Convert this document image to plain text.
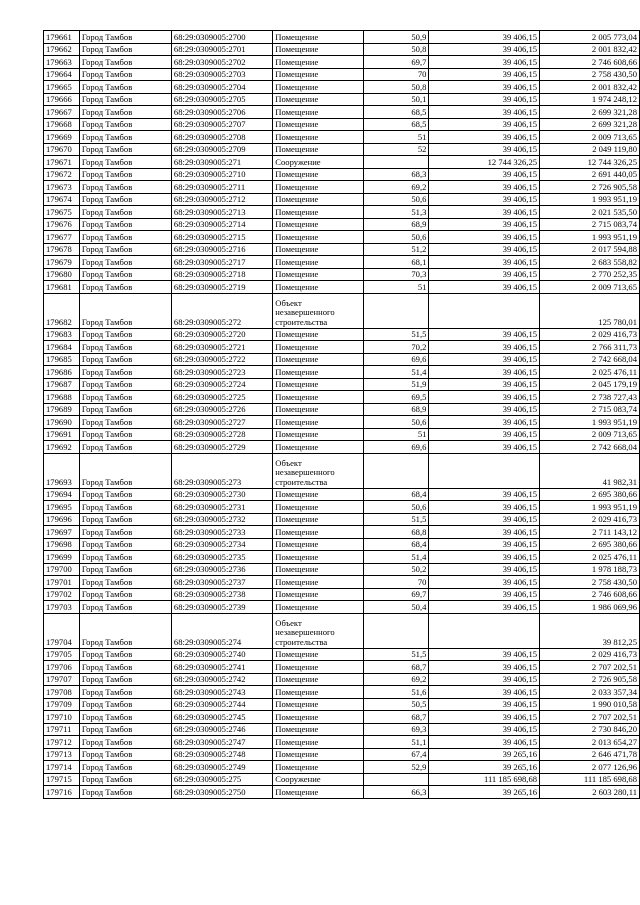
179661	Город Тамбов	68:29:0309005:2700	Помещение	50,9	39 406,15	2 005 773,04
179662	Город Тамбов	68:29:0309005:2701	Помещение	50,8	39 406,15	2 001 832,42
179663	Город Тамбов	68:29:0309005:2702	Помещение	69,7	39 406,15	2 746 608,66
179664	Город Тамбов	68:29:0309005:2703	Помещение	70	39 406,15	2 758 430,50
179665	Город Тамбов	68:29:0309005:2704	Помещение	50,8	39 406,15	2 001 832,42
179666	Город Тамбов	68:29:0309005:2705	Помещение	50,1	39 406,15	1 974 248,12
179667	Город Тамбов	68:29:0309005:2706	Помещение	68,5	39 406,15	2 699 321,28
179668	Город Тамбов	68:29:0309005:2707	Помещение	68,5	39 406,15	2 699 321,28
179669	Город Тамбов	68:29:0309005:2708	Помещение	51	39 406,15	2 009 713,65
179670	Город Тамбов	68:29:0309005:2709	Помещение	52	39 406,15	2 049 119,80
179671	Город Тамбов	68:29:0309005:271	Сооружение		12 744 326,25	12 744 326,25
179672	Город Тамбов	68:29:0309005:2710	Помещение	68,3	39 406,15	2 691 440,05
179673	Город Тамбов	68:29:0309005:2711	Помещение	69,2	39 406,15	2 726 905,58
179674	Город Тамбов	68:29:0309005:2712	Помещение	50,6	39 406,15	1 993 951,19
179675	Город Тамбов	68:29:0309005:2713	Помещение	51,3	39 406,15	2 021 535,50
179676	Город Тамбов	68:29:0309005:2714	Помещение	68,9	39 406,15	2 715 083,74
179677	Город Тамбов	68:29:0309005:2715	Помещение	50,6	39 406,15	1 993 951,19
179678	Город Тамбов	68:29:0309005:2716	Помещение	51,2	39 406,15	2 017 594,88
179679	Город Тамбов	68:29:0309005:2717	Помещение	68,1	39 406,15	2 683 558,82
179680	Город Тамбов	68:29:0309005:2718	Помещение	70,3	39 406,15	2 770 252,35
179681	Город Тамбов	68:29:0309005:2719	Помещение	51	39 406,15	2 009 713,65
179682	Город Тамбов	68:29:0309005:272	Объект незавершенного строительства			125 780,01
179683	Город Тамбов	68:29:0309005:2720	Помещение	51,5	39 406,15	2 029 416,73
179684	Город Тамбов	68:29:0309005:2721	Помещение	70,2	39 406,15	2 766 311,73
179685	Город Тамбов	68:29:0309005:2722	Помещение	69,6	39 406,15	2 742 668,04
179686	Город Тамбов	68:29:0309005:2723	Помещение	51,4	39 406,15	2 025 476,11
179687	Город Тамбов	68:29:0309005:2724	Помещение	51,9	39 406,15	2 045 179,19
179688	Город Тамбов	68:29:0309005:2725	Помещение	69,5	39 406,15	2 738 727,43
179689	Город Тамбов	68:29:0309005:2726	Помещение	68,9	39 406,15	2 715 083,74
179690	Город Тамбов	68:29:0309005:2727	Помещение	50,6	39 406,15	1 993 951,19
179691	Город Тамбов	68:29:0309005:2728	Помещение	51	39 406,15	2 009 713,65
179692	Город Тамбов	68:29:0309005:2729	Помещение	69,6	39 406,15	2 742 668,04
179693	Город Тамбов	68:29:0309005:273	Объект незавершенного строительства			41 982,31
179694	Город Тамбов	68:29:0309005:2730	Помещение	68,4	39 406,15	2 695 380,66
179695	Город Тамбов	68:29:0309005:2731	Помещение	50,6	39 406,15	1 993 951,19
179696	Город Тамбов	68:29:0309005:2732	Помещение	51,5	39 406,15	2 029 416,73
179697	Город Тамбов	68:29:0309005:2733	Помещение	68,8	39 406,15	2 711 143,12
179698	Город Тамбов	68:29:0309005:2734	Помещение	68,4	39 406,15	2 695 380,66
179699	Город Тамбов	68:29:0309005:2735	Помещение	51,4	39 406,15	2 025 476,11
179700	Город Тамбов	68:29:0309005:2736	Помещение	50,2	39 406,15	1 978 188,73
179701	Город Тамбов	68:29:0309005:2737	Помещение	70	39 406,15	2 758 430,50
179702	Город Тамбов	68:29:0309005:2738	Помещение	69,7	39 406,15	2 746 608,66
179703	Город Тамбов	68:29:0309005:2739	Помещение	50,4	39 406,15	1 986 069,96
179704	Город Тамбов	68:29:0309005:274	Объект незавершенного строительства			39 812,25
179705	Город Тамбов	68:29:0309005:2740	Помещение	51,5	39 406,15	2 029 416,73
179706	Город Тамбов	68:29:0309005:2741	Помещение	68,7	39 406,15	2 707 202,51
179707	Город Тамбов	68:29:0309005:2742	Помещение	69,2	39 406,15	2 726 905,58
179708	Город Тамбов	68:29:0309005:2743	Помещение	51,6	39 406,15	2 033 357,34
179709	Город Тамбов	68:29:0309005:2744	Помещение	50,5	39 406,15	1 990 010,58
179710	Город Тамбов	68:29:0309005:2745	Помещение	68,7	39 406,15	2 707 202,51
179711	Город Тамбов	68:29:0309005:2746	Помещение	69,3	39 406,15	2 730 846,20
179712	Город Тамбов	68:29:0309005:2747	Помещение	51,1	39 406,15	2 013 654,27
179713	Город Тамбов	68:29:0309005:2748	Помещение	67,4	39 265,16	2 646 471,78
179714	Город Тамбов	68:29:0309005:2749	Помещение	52,9	39 265,16	2 077 126,96
179715	Город Тамбов	68:29:0309005:275	Сооружение		111 185 698,68	111 185 698,68
179716	Город Тамбов	68:29:0309005:2750	Помещение	66,3	39 265,16	2 603 280,11
